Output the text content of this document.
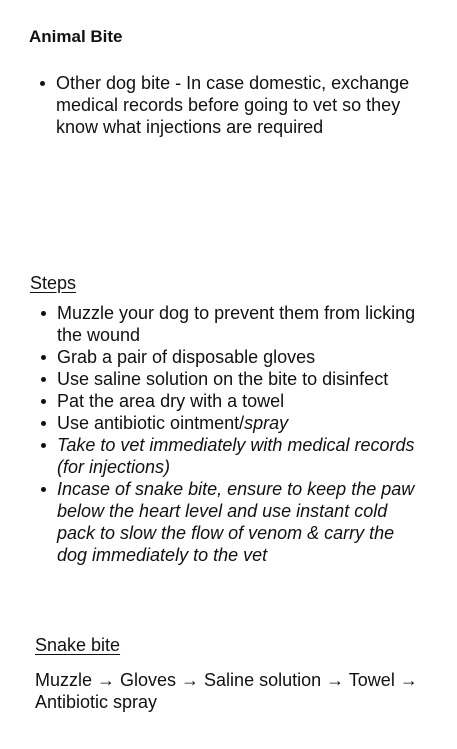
Animal Bite
Other dog bite - In case domestic, exchange medical records before going to vet so they know what injections are required
Steps
Muzzle your dog to prevent them from licking the wound
Grab a pair of disposable gloves
Use saline solution on the bite to disinfect
Pat the area dry with a towel
Use antibiotic ointment/spray
Take to vet immediately with medical records (for injections)
Incase of snake bite, ensure to keep the paw below the heart level and use instant cold pack to slow the flow of venom & carry the dog immediately to the vet
Snake bite

Muzzle → Gloves → Saline solution → Towel → Antibiotic spray
